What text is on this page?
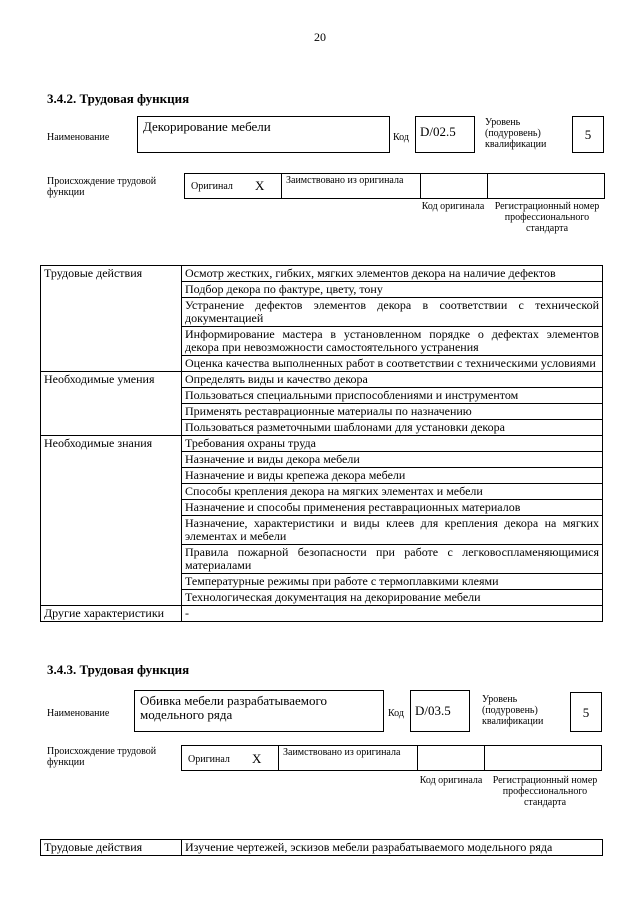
20
3.4.2. Трудовая функция
Наименование
Декорирование мебели
Код D/02.5
Уровень (подуровень) квалификации
5
Происхождение трудовой функции
Оригинал X Заимствовано из оригинала
Код оригинала	Регистрационный номер профессионального стандарта
Трудовые действия	Осмотр жестких, гибких, мягких элементов декора на наличие дефектов
	Подбор декора по фактуре, цвету, тону
	Устранение дефектов элементов декора в соответствии с технической документацией
	Информирование мастера в установленном порядке о дефектах элементов декора при невозможности самостоятельного устранения
	Оценка качества выполненных работ в соответствии с техническими условиями
Необходимые умения	Определять виды и качество декора
	Пользоваться специальными приспособлениями и инструментом
	Применять реставрационные материалы по назначению
	Пользоваться разметочными шаблонами для установки декора
Необходимые знания	Требования охраны труда
	Назначение и виды декора мебели
	Назначение и виды крепежа декора мебели
	Способы крепления декора на мягких элементах и мебели
	Назначение и способы применения реставрационных материалов
	Назначение, характеристики и виды клеев для крепления декора на мягких элементах и мебели
	Правила пожарной безопасности при работе с легковоспламеняющимися материалами
	Температурные режимы при работе с термоплавкими клеями
	Технологическая документация на декорирование мебели
Другие характеристики	-
3.4.3. Трудовая функция
Наименование
Обивка мебели разрабатываемого модельного ряда	Код D/03.5
Уровень (подуровень) квалификации
5
Происхождение трудовой функции	Оригинал X Заимствовано из оригинала
Код оригинала	Регистрационный номер профессионального стандарта
Трудовые действия	Изучение чертежей, эскизов мебели разрабатываемого модельного ряда
